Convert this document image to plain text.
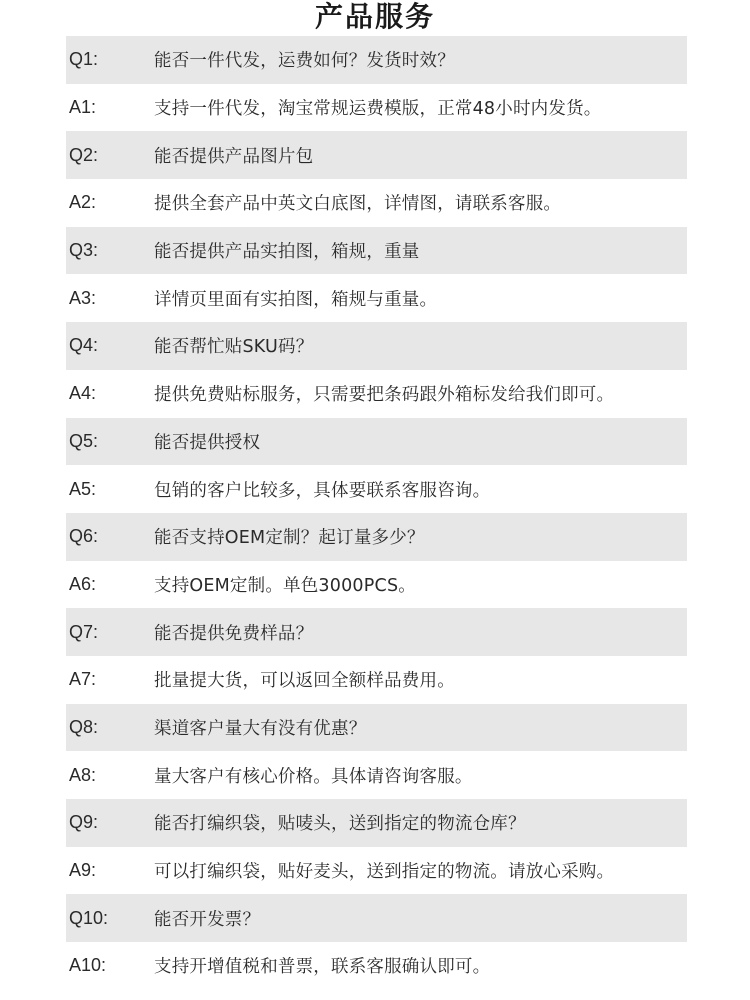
产品服务
Q1:	能否一件代发，运费如何？发货时效？
A1:	支持一件代发，淘宝常规运费模版，正常48小时内发货。
Q2:	能否提供产品图片包
A2:	提供全套产品中英文白底图，详情图，请联系客服。
Q3:	能否提供产品实拍图，箱规，重量
A3:	详情页里面有实拍图，箱规与重量。
Q4:	能否帮忙贴SKU码？
A4:	提供免费贴标服务，只需要把条码跟外箱标发给我们即可。
Q5:	能否提供授权
A5:	包销的客户比较多，具体要联系客服咨询。
Q6:	能否支持OEM定制？起订量多少？
A6:	支持OEM定制。单色3000PCS。
Q7:	能否提供免费样品？
A7:	批量提大货，可以返回全额样品费用。
Q8:	渠道客户量大有没有优惠？
A8:	量大客户有核心价格。具体请咨询客服。
Q9:	能否打编织袋，贴唛头，送到指定的物流仓库？
A9:	可以打编织袋，贴好麦头，送到指定的物流。请放心采购。
Q10:	能否开发票？
A10:	支持开增值税和普票，联系客服确认即可。
